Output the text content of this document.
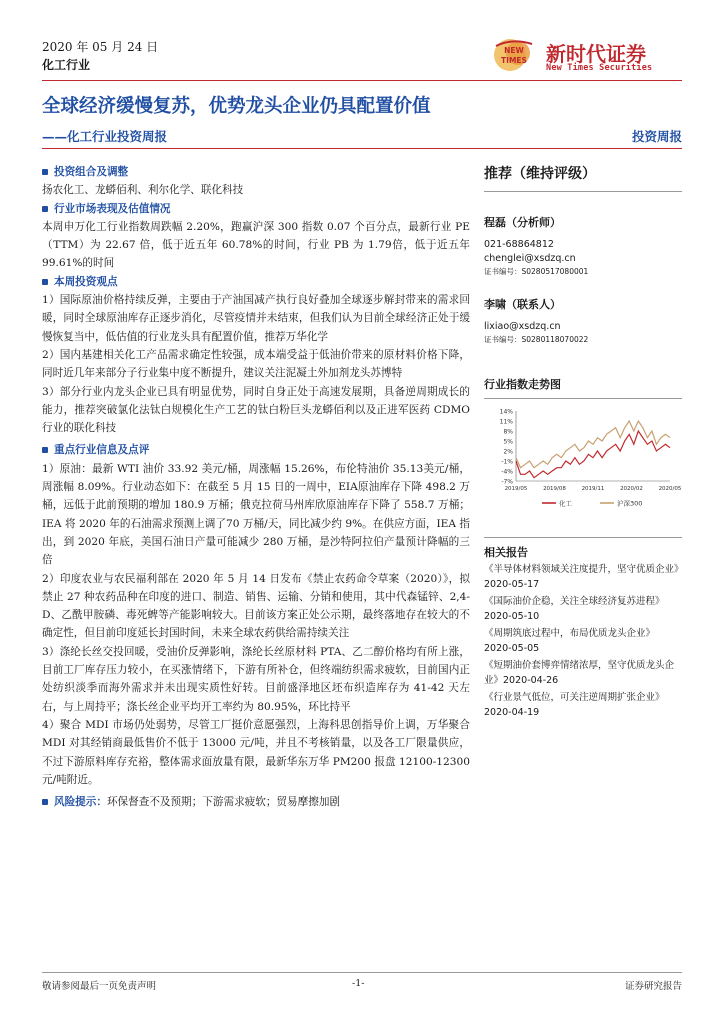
2020 年 05 月 24 日
化工行业
NEW
TIMES 新时代证券
New Times Securities
全球经济缓慢复苏，优势龙头企业仍具配置价值
——化工行业投资周报	投资周报
投资组合及调整
扬农化工、龙蟒佰利、利尔化学、联化科技
行业市场表现及估值情况
本周申万化工行业指数周跌幅 2.20%，跑赢沪深 300 指数 0.07 个百分点，最新行业 PE（TTM）为 22.67 倍，低于近五年 60.78%的时间，行业 PB 为 1.79倍，低于近五年 99.61%的时间
本周投资观点
1）国际原油价格持续反弹，主要由于产油国减产执行良好叠加全球逐步解封带来的需求回暖，同时全球原油库存正逐步消化，尽管疫情并未结束，但我们认为目前全球经济正处于缓慢恢复当中，低估值的行业龙头具有配置价值，推荐万华化学
2）国内基建相关化工产品需求确定性较强，成本端受益于低油价带来的原材料价格下降，同时近几年来部分子行业集中度不断提升，建议关注泥凝土外加剂龙头苏博特
3）部分行业内龙头企业已具有明显优势，同时自身正处于高速发展期，具备逆周期成长的能力，推荐突破氯化法钛白规模化生产工艺的钛白粉巨头龙蟒佰利以及正进军医药 CDMO 行业的联化科技
重点行业信息及点评
1）原油：最新 WTI 油价 33.92 美元/桶，周涨幅 15.26%，布伦特油价 35.13美元/桶，周涨幅 8.09%。行业动态如下：在截至 5 月 15 日的一周中，EIA原油库存下降 498.2 万桶，远低于此前预期的增加 180.9 万桶；俄克拉荷马州库欣原油库存下降了 558.7 万桶；IEA 将 2020 年的石油需求预测上调了70 万桶/天，同比减少约 9%。在供应方面，IEA 指出，到 2020 年底，美国石油日产量可能减少 280 万桶，是沙特阿拉伯产量预计降幅的三倍
2）印度农业与农民福利部在 2020 年 5 月 14 日发布《禁止农药命令草案（2020）》，拟禁止 27 种农药品种在印度的进口、制造、销售、运输、分销和使用，其中代森锰锌、2,4-D、乙酰甲胺磷、毒死蜱等产能影响较大。目前该方案正处公示期，最终落地存在较大的不确定性，但目前印度延长封国时间，未来全球农药供给需持续关注
3）涤纶长丝交投回暖，受油价反弹影响，涤纶长丝原材料 PTA、乙二醇价格均有所上涨，目前工厂库存压力较小，在买涨情绪下，下游有所补仓，但终端纺织需求疲软，目前国内正处纺织淡季而海外需求并未出现实质性好转。目前盛泽地区坯布织造库存为 41-42 天左右，与上周持平；涤长丝企业平均开工率约为 80.95%，环比持平
4）聚合 MDI 市场仍处弱势，尽管工厂挺价意愿强烈，上海科思创指导价上调，万华聚合 MDI 对其经销商最低售价不低于 13000 元/吨，并且不考核销量，以及各工厂限量供应，不过下游原料库存充裕，整体需求面放量有限，最新华东万华 PM200 报盘 12100-12300 元/吨附近。
风险提示：环保督查不及预期；下游需求疲软；贸易摩擦加剧
推荐（维持评级）
程磊（分析师）
021-68864812
chenglei@xsdzq.cn
证书编号：S0280517080001
李啸（联系人）
lixiao@xsdzq.cn
证书编号：S0280118070022
行业指数走势图
14%
11%
8%
5%
2%
-1%
-4%
-7%
2019/05	2019/08	2019/11	2020/02	2020/05
化工	沪深300
相关报告
《半导体材料领域关注度提升，坚守优质企业》2020-05-17
《国际油价企稳，关注全球经济复苏进程》2020-05-10
《周期筑底过程中，布局优质龙头企业》2020-05-05
《短期油价套博弈情绪浓厚，坚守优质龙头企业》2020-04-26
《行业景气低位，可关注逆周期扩张企业》2020-04-19
敬请参阅最后一页免责声明	-1-	证券研究报告
